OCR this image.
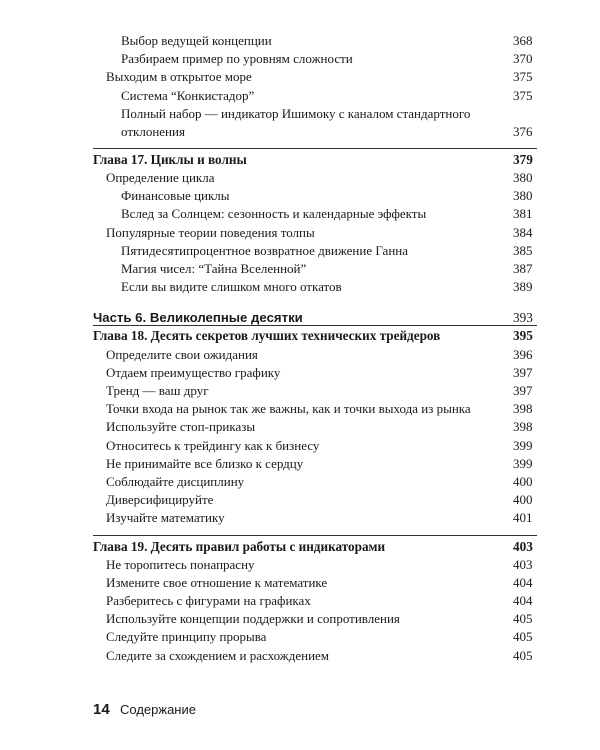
Выбор ведущей концепции	368
Разбираем пример по уровням сложности	370
Выходим в открытое море	375
Система “Конкистадор”	375
Полный набор — индикатор Ишимоку с каналом стандартного отклонения	376
Глава 17. Циклы и волны	379
Определение цикла	380
Финансовые циклы	380
Вслед за Солнцем: сезонность и календарные эффекты	381
Популярные теории поведения толпы	384
Пятидесятипроцентное возвратное движение Ганна	385
Магия чисел: “Тайна Вселенной”	387
Если вы видите слишком много откатов	389
Часть 6. Великолепные десятки	393
Глава 18. Десять секретов лучших технических трейдеров	395
Определите свои ожидания	396
Отдаем преимущество графику	397
Тренд — ваш друг	397
Точки входа на рынок так же важны, как и точки выхода из рынка	398
Используйте стоп-приказы	398
Относитесь к трейдингу как к бизнесу	399
Не принимайте все близко к сердцу	399
Соблюдайте дисциплину	400
Диверсифицируйте	400
Изучайте математику	401
Глава 19. Десять правил работы с индикаторами	403
Не торопитесь понапрасну	403
Измените свое отношение к математике	404
Разберитесь с фигурами на графиках	404
Используйте концепции поддержки и сопротивления	405
Следуйте принципу прорыва	405
Следите за схождением и расхождением	405
14 Содержание
